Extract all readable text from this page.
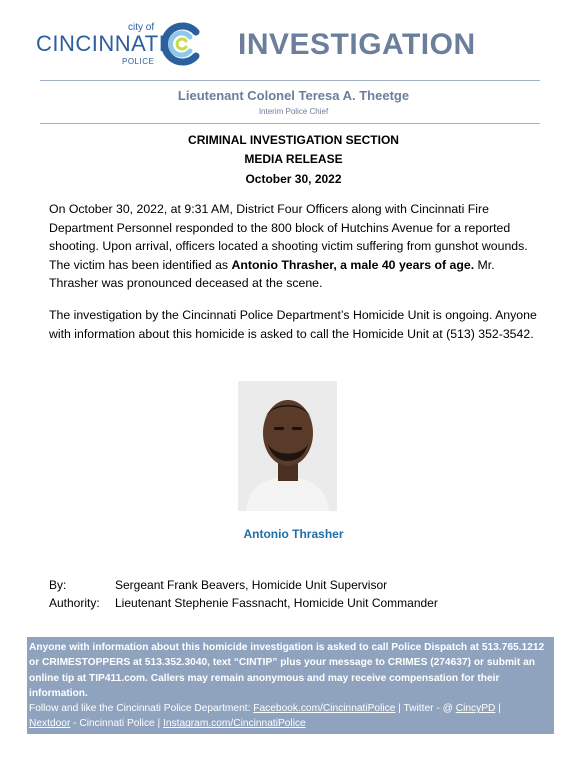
city of
CINCINNATI
POLICE
INVESTIGATION
Lieutenant Colonel Teresa A. Theetge
Interim Police Chief
CRIMINAL INVESTIGATION SECTION
MEDIA RELEASE
October 30, 2022

On October 30, 2022, at 9:31 AM, District Four Officers along with Cincinnati Fire Department Personnel responded to the 800 block of Hutchins Avenue for a reported shooting. Upon arrival, officers located a shooting victim suffering from gunshot wounds. The victim has been identified as Antonio Thrasher, a male 40 years of age. Mr. Thrasher was pronounced deceased at the scene.

The investigation by the Cincinnati Police Department’s Homicide Unit is ongoing. Anyone with information about this homicide is asked to call the Homicide Unit at (513) 352-3542.

Antonio Thrasher
By:	Sergeant Frank Beavers, Homicide Unit Supervisor
Authority: Lieutenant Stephenie Fassnacht, Homicide Unit Commander
Anyone with information about this homicide investigation is asked to call Police Dispatch at 513.765.1212 or CRIMESTOPPERS at 513.352.3040, text “CINTIP” plus your message to CRIMES (274637) or submit an online tip at TIP411.com. Callers may remain anonymous and may receive compensation for their information.
Follow and like the Cincinnati Police Department: Facebook.com/CincinnatiPolice | Twitter - @ CincyPD |
Nextdoor - Cincinnati Police | Instagram.com/CincinnatiPolice
